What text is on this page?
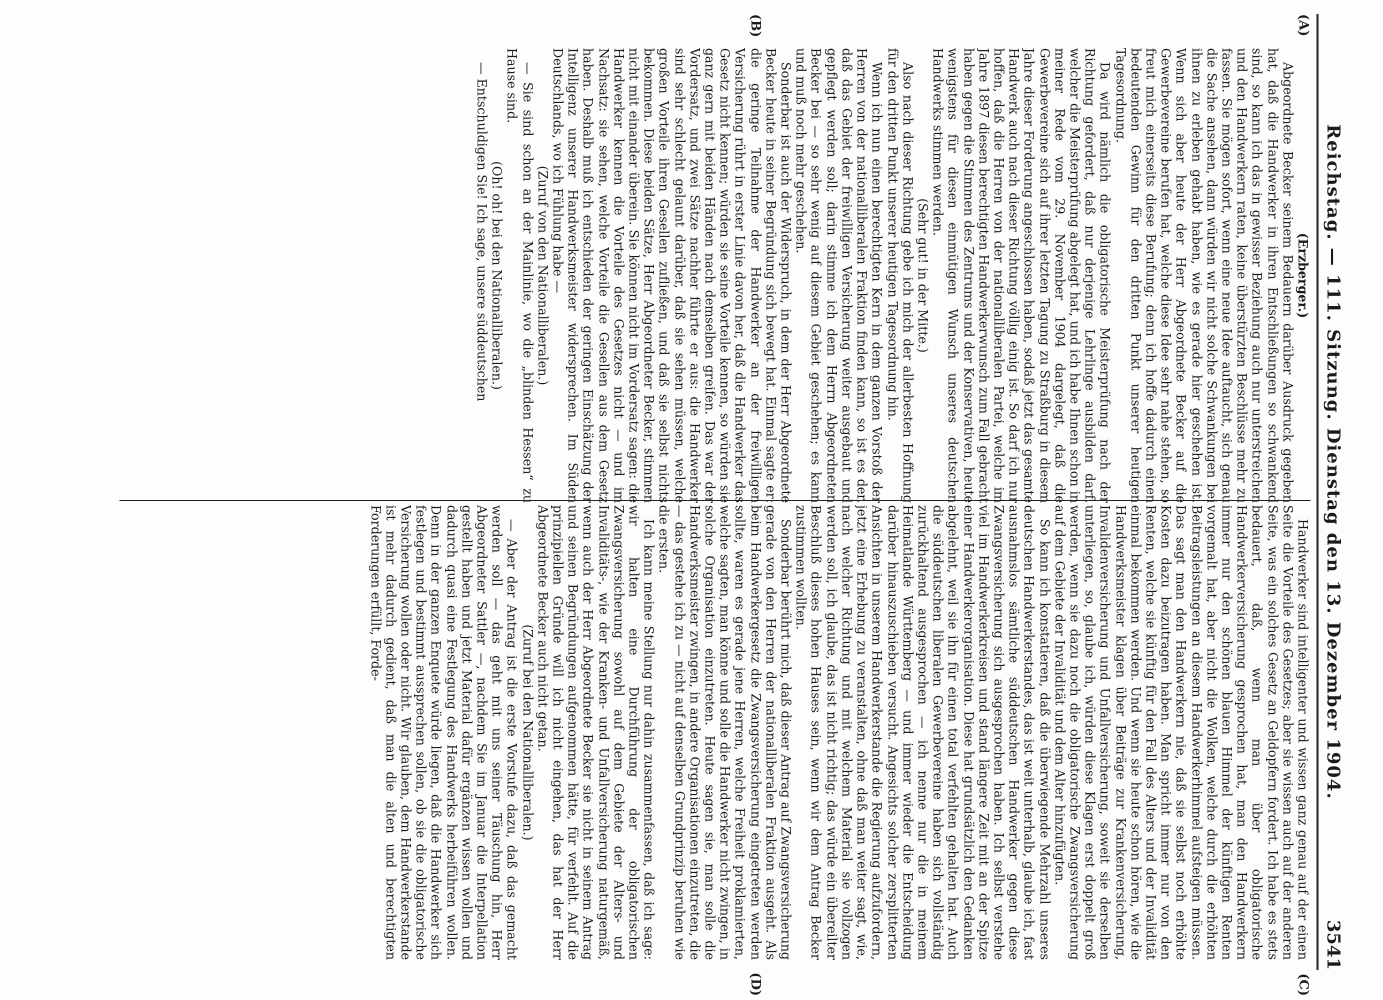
Reichstag. — 111. Sitzung. Dienstag den 13. Dezember 1904.
3541
(A)
(B)
(C)
(D)

(Erzberger.)

Abgeordnete Becker seinem Bedauern darüber Ausdruck gegeben hat, daß die Handwerker in ihren Entschließungen so schwankend sind, so kann ich das in gewisser Beziehung auch nur unterstreichen und den Handwerkern raten, keine überstürzten Beschlüsse mehr zu fassen. Sie mögen sofort, wenn eine neue Idee auftaucht, sich genau die Sache ansehen, dann würden wir nicht solche Schwankungen bei ihnen zu erleben gehabt haben, wie es gerade hier geschehen ist. Wenn sich aber heute der Herr Abgeordnete Becker auf die Gewerbevereine berufen hat, welche diese Idee sehr nahe stehen, so freut mich einerseits diese Berufung; denn ich hoffe dadurch einen bedeutenden Gewinn für den dritten Punkt unserer heutigen Tagesordnung.

Da wird nämlich die obligatorische Meisterprüfung nach der Richtung gefordert, daß nur derjenige Lehrlinge ausbilden darf, welcher die Meisterprüfung abgelegt hat, und ich habe Ihnen schon in meiner Rede vom 29. November 1904 dargelegt, daß die Gewerbevereine sich auf ihrer letzten Tagung zu Straßburg in diesem Jahre dieser Forderung angeschlossen haben, sodaß jetzt das gesamte Handwerk auch nach dieser Richtung völlig einig ist. So darf ich nur hoffen, daß die Herren von der nationalliberalen Partei, welche im Jahre 1897 diesen berechtigten Handwerkerwunsch zum Fall gebracht haben gegen die Stimmen des Zentrums und der Konservativen, heute wenigstens für diesen einmütigen Wunsch unseres deutschen Handwerks stimmen werden.

(Sehr gut! in der Mitte.)

Also nach dieser Richtung gebe ich mich der allerbesten Hoffnung für den dritten Punkt unserer heutigen Tagesordnung hin.

Wenn ich nun einen berechtigten Kern in dem ganzen Vorstoß der Herren von der nationalliberalen Fraktion finden kann, so ist es der, daß das Gebiet der freiwilligen Versicherung weiter ausgebaut und gepflegt werden soll; darin stimme ich dem Herrn Abgeordneten Becker bei — so sehr wenig auf diesem Gebiet geschehen; es kann und muß noch mehr geschehen.

Sonderbar ist auch der Widerspruch, in dem der Herr Abgeordnete Becker heute in seiner Begründung sich bewegt hat. Einmal sagte er: die geringe Teilnahme der Handwerker an der freiwilligen Versicherung rührt in erster Linie davon her, daß die Handwerker das Gesetz nicht kennen; würden sie seine Vorteile kennen, so würden sie ganz gern mit beiden Händen nach demselben greifen. Das war der Vordersatz, und zwei Sätze nachher führte er aus: die Handwerker sind sehr schlecht gelaunt darüber, daß sie sehen müssen, welche großen Vorteile ihren Gesellen zufließen, und daß sie selbst nichts bekommen. Diese beiden Sätze, Herr Abgeordneter Becker, stimmen nicht mit einander überein. Sie können nicht im Vordersatz sagen: die Handwerker kennen die Vorteile des Gesetzes nicht — und im Nachsatz: sie sehen, welche Vorteile die Gesellen aus dem Gesetz haben. Deshalb muß ich entschieden der geringen Einschätzung der Intelligenz unserer Handwerksmeister widersprechen. Im Süden Deutschlands, wo ich Fühlung habe —

(Zuruf von den Nationalliberalen.)

— Sie sind schon an der Mainlinie, wo die „blinden Hessen“ zu Hause sind.

(Oh! oh! bei den Nationalliberalen.)

— Entschuldigen Sie! Ich sage, unsere süddeutschen

Handwerker sind intelligenter und wissen ganz genau auf der einen Seite die Vorteile des Gesetzes; aber sie wissen auch auf der anderen Seite, was ein solches Gesetz an Geldopfern fordert. Ich habe es stets bedauert, daß, wenn man über obligatorische Handwerkerversicherung gesprochen hat, man den Handwerkern immer nur den schönen blauen Himmel der künftigen Renten vorgemalt hat, aber nicht die Wolken, welche durch die erhöhten Beitragsleistungen an diesem Handwerkerhimmel aufsteigen müssen. Das sagt man den Handwerkern nie, daß sie selbst noch erhöhte Kosten dazu beizutragen haben. Man spricht immer nur von den Renten, welche sie künftig für den Fall des Alters und der Invalidität einmal bekommen werden. Und wenn sie heute schon hören, wie die Handwerksmeister klagen über Beiträge zur Krankenversicherung, Invalidenversicherung und Unfallversicherung, soweit sie derselben unterliegen, so, glaube ich, würden diese Klagen erst doppelt groß werden, wenn sie dazu noch die obligatorische Zwangsversicherung auf dem Gebiete der Invalidität und dem Alter hinzufügten.

So kann ich konstatieren, daß die überwiegende Mehrzahl unseres deutschen Handwerkerstandes, das ist weit unterhalb, glaube ich, fast ausnahmslos sämtliche süddeutschen Handwerker gegen diese Zwangsversicherung sich ausgesprochen haben. Ich selbst verstehe viel im Handwerkerkreisen und stand längere Zeit mit an der Spitze einer Handwerkerorganisation. Diese hat grundsätzlich den Gedanken abgelehnt, weil sie ihn für einen total verfehlten gehalten hat. Auch die süddeutschen liberalen Gewerbevereine haben sich vollständig zurückhaltend ausgesprochen — ich nenne nur die in meinem Heimatlande Württemberg — und immer wieder die Entscheidung darüber hinauszuschieben versucht. Angesichts solcher zersplitterten Ansichten in unserem Handwerkerstande die Regierung aufzufordern, jetzt eine Erhebung zu veranstalten, ohne daß man weiter sagt, wie, nach welcher Richtung und mit welchem Material sie vollzogen werden soll, ich glaube, das ist nicht richtig; das würde ein übereilter Beschluß dieses hohen Hauses sein, wenn wir dem Antrag Becker zustimmen wollten.

Sonderbar berührt mich, daß dieser Antrag auf Zwangsversicherung gerade von den Herren der nationalliberalen Fraktion ausgeht. Als beim Handwerkergesetz die Zwangsversicherung eingetreten werden sollte, waren es gerade jene Herren, welche Freiheit proklamierten, welche sagten, man könne und solle die Handwerker nicht zwingen, in solche Organisation einzutreten. Heute sagen sie, man solle die Handwerksmeister zwingen, in andere Organisationen einzutreten, die — das gestehe ich zu — nicht auf denselben Grundprinzip beruhen wie die ersten.

Ich kann meine Stellung nur dahin zusammenfassen, daß ich sage: wir halten eine Durchführung der obligatorischen Zwangsversicherung sowohl auf dem Gebiete der Alters- und Invaliditäts-, wie der Kranken- und Unfallversicherung naturgemäß, wenn auch der Herr Abgeordnete Becker sie nicht in seinem Antrag und seinen Begründungen aufgenommen hätte, für verfehlt. Auf die prinzipiellen Gründe will ich nicht eingehen, das hat der Herr Abgeordnete Becker auch nicht getan.

(Zuruf bei den Nationalliberalen.)

— Aber der Antrag ist die erste Vorstufe dazu, daß das gemacht werden soll — das geht mit uns seiner Täuschung hin, Herr Abgeordneter Sattler —, nachdem Sie im Januar die Interpellation gestellt haben und jetzt Material dafür ergänzen wissen wollen und dadurch quasi eine Festlegung des Handwerks herbeiführen wollen. Denn in der ganzen Enquete würde liegen, daß die Handwerker sich festlegen und bestimmt aussprechen sollen, ob sie die obligatorische Versicherung wollen oder nicht. Wir glauben, dem Handwerkerstande ist mehr dadurch gedient, daß man die alten und berechtigten Forderungen erfüllt, Forde-
